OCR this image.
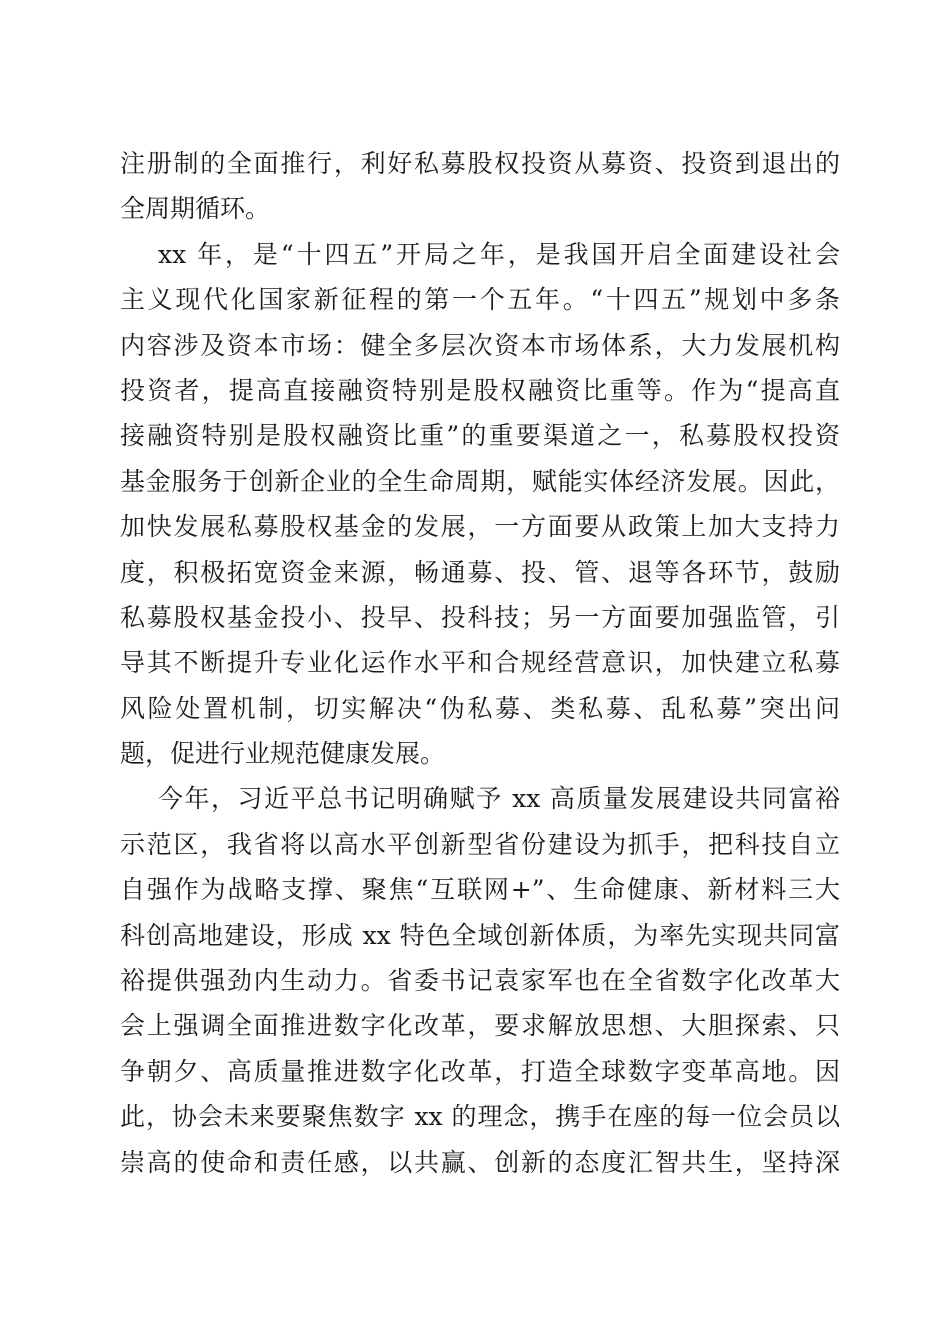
注册制的全面推行，利好私募股权投资从募资、投资到退出的
全周期循环。
xx 年，是“十四五”开局之年，是我国开启全面建设社会
主义现代化国家新征程的第一个五年。“十四五”规划中多条
内容涉及资本市场：健全多层次资本市场体系，大力发展机构
投资者，提高直接融资特别是股权融资比重等。作为“提高直
接融资特别是股权融资比重”的重要渠道之一，私募股权投资
基金服务于创新企业的全生命周期，赋能实体经济发展。因此，
加快发展私募股权基金的发展，一方面要从政策上加大支持力
度，积极拓宽资金来源，畅通募、投、管、退等各环节，鼓励
私募股权基金投小、投早、投科技；另一方面要加强监管，引
导其不断提升专业化运作水平和合规经营意识，加快建立私募
风险处置机制，切实解决“伪私募、类私募、乱私募”突出问
题，促进行业规范健康发展。
今年，习近平总书记明确赋予 xx 高质量发展建设共同富裕
示范区，我省将以高水平创新型省份建设为抓手，把科技自立
自强作为战略支撑、聚焦“互联网+”、生命健康、新材料三大
科创高地建设，形成 xx 特色全域创新体质，为率先实现共同富
裕提供强劲内生动力。省委书记袁家军也在全省数字化改革大
会上强调全面推进数字化改革，要求解放思想、大胆探索、只
争朝夕、高质量推进数字化改革，打造全球数字变革高地。因
此，协会未来要聚焦数字 xx 的理念，携手在座的每一位会员以
崇高的使命和责任感，以共赢、创新的态度汇智共生，坚持深
